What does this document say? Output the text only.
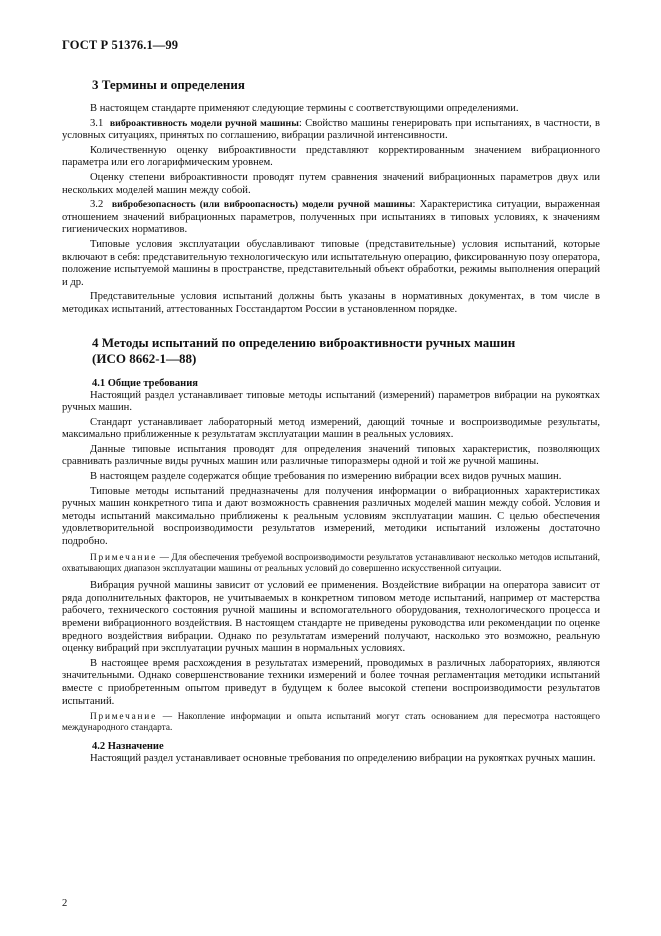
ГОСТ Р 51376.1—99
3 Термины и определения

В настоящем стандарте применяют следующие термины с соответствующими определениями.

3.1 виброактивность модели ручной машины: Свойство машины генерировать при испытаниях, в частности, в условных ситуациях, принятых по соглашению, вибрации различной интенсивности.

Количественную оценку виброактивности представляют корректированным значением вибрационного параметра или его логарифмическим уровнем.

Оценку степени виброактивности проводят путем сравнения значений вибрационных параметров двух или нескольких моделей машин между собой.

3.2 вибробезопасность (или виброопасность) модели ручной машины: Характеристика ситуации, выраженная отношением значений вибрационных параметров, полученных при испытаниях в типовых условиях, к значениям гигиенических нормативов.

Типовые условия эксплуатации обуславливают типовые (представительные) условия испытаний, которые включают в себя: представительную технологическую или испытательную операцию, фиксированную позу оператора, положение испытуемой машины в пространстве, представительный объект обработки, режимы выполнения операций и др.

Представительные условия испытаний должны быть указаны в нормативных документах, в том числе в методиках испытаний, аттестованных Госстандартом России в установленном порядке.

4 Методы испытаний по определению виброактивности ручных машин
(ИСО 8662-1—88)
4.1 Общие требования

Настоящий раздел устанавливает типовые методы испытаний (измерений) параметров вибрации на рукоятках ручных машин.

Стандарт устанавливает лабораторный метод измерений, дающий точные и воспроизводимые результаты, максимально приближенные к результатам эксплуатации машин в реальных условиях.

Данные типовые испытания проводят для определения значений типовых характеристик, позволяющих сравнивать различные виды ручных машин или различные типоразмеры одной и той же ручной машины.

В настоящем разделе содержатся общие требования по измерению вибрации всех видов ручных машин.

Типовые методы испытаний предназначены для получения информации о вибрационных характеристиках ручных машин конкретного типа и дают возможность сравнения различных моделей машин между собой. Условия и методы испытаний максимально приближены к реальным условиям эксплуатации машин. С целью обеспечения удовлетворительной воспроизводимости результатов измерений, методики испытаний изложены достаточно подробно.

Примечание — Для обеспечения требуемой воспроизводимости результатов устанавливают несколько методов испытаний, охватывающих диапазон эксплуатации машины от реальных условий до совершенно искусственной ситуации.

Вибрация ручной машины зависит от условий ее применения. Воздействие вибрации на оператора зависит от ряда дополнительных факторов, не учитываемых в конкретном типовом методе испытаний, например от мастерства рабочего, технического состояния ручной машины и вспомогательного оборудования, технологического процесса и времени вибрационного воздействия. В настоящем стандарте не приведены руководства или рекомендации по оценке вредного воздействия вибрации. Однако по результатам измерений получают, насколько это возможно, реальную оценку вибраций при эксплуатации ручных машин в нормальных условиях.

В настоящее время расхождения в результатах измерений, проводимых в различных лабораториях, являются значительными. Однако совершенствование техники измерений и более точная регламентация методики испытаний вместе с приобретенным опытом приведут в будущем к более высокой степени воспроизводимости результатов испытаний.

Примечание — Накопление информации и опыта испытаний могут стать основанием для пересмотра настоящего международного стандарта.

4.2 Назначение

Настоящий раздел устанавливает основные требования по определению вибрации на рукоятках ручных машин.

2
